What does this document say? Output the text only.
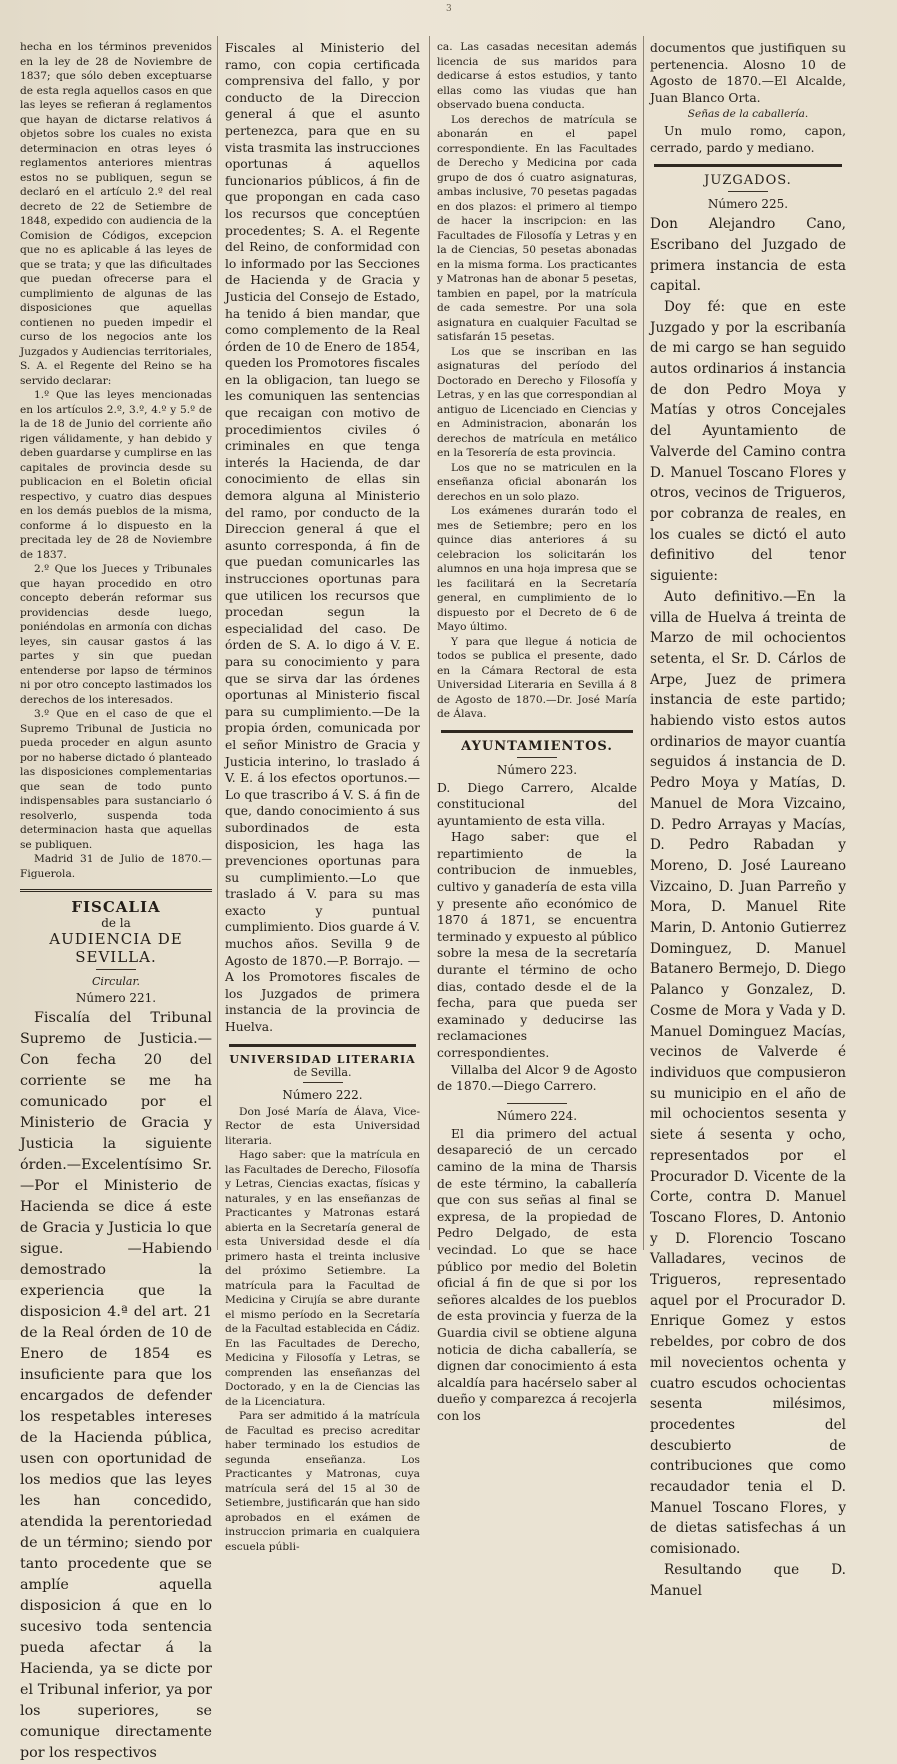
3

hecha en los términos prevenidos en la ley de 28 de Noviembre de 1837; que sólo deben exceptuarse de esta regla aquellos casos en que las leyes se refieran á reglamentos que hayan de dictarse relativos á objetos sobre los cuales no exista determinacion en otras leyes ó reglamentos anteriores mientras estos no se publiquen, segun se declaró en el artículo 2.º del real decreto de 22 de Setiembre de 1848, expedido con audiencia de la Comision de Códigos, excepcion que no es aplicable á las leyes de que se trata; y que las dificultades que puedan ofrecerse para el cumplimiento de algunas de las disposiciones que aquellas contienen no pueden impedir el curso de los negocios ante los Juzgados y Audiencias territoriales, S. A. el Regente del Reino se ha servido declarar:

1.º Que las leyes mencionadas en los artículos 2.º, 3.º, 4.º y 5.º de la de 18 de Junio del corriente año rigen válidamente, y han debido y deben guardarse y cumplirse en las capitales de provincia desde su publicacion en el Boletin oficial respectivo, y cuatro dias despues en los demás pueblos de la misma, conforme á lo dispuesto en la precitada ley de 28 de Noviembre de 1837.

2.º Que los Jueces y Tribunales que hayan procedido en otro concepto deberán reformar sus providencias desde luego, poniéndolas en armonía con dichas leyes, sin causar gastos á las partes y sin que puedan entenderse por lapso de términos ni por otro concepto lastimados los derechos de los interesados.

3.º Que en el caso de que el Supremo Tribunal de Justicia no pueda proceder en algun asunto por no haberse dictado ó planteado las disposiciones complementarias que sean de todo punto indispensables para sustanciarlo ó resolverlo, suspenda toda determinacion hasta que aquellas se publiquen.

Madrid 31 de Julio de 1870.—Figuerola.

FISCALIA
de la
AUDIENCIA DE SEVILLA.
Circular.
Número 221.

Fiscalía del Tribunal Supremo de Justicia.—Con fecha 20 del corriente se me ha comunicado por el Ministerio de Gracia y Justicia la siguiente órden.—Excelentísimo Sr.—Por el Ministerio de Hacienda se dice á este de Gracia y Justicia lo que sigue. —Habiendo demostrado la experiencia que la disposicion 4.ª del art. 21 de la Real órden de 10 de Enero de 1854 es insuficiente para que los encargados de defender los respetables intereses de la Hacienda pública, usen con oportunidad de los medios que las leyes les han concedido, atendida la perentoriedad de un término; siendo por tanto procedente que se amplíe aquella disposicion á que en lo sucesivo toda sentencia pueda afectar á la Hacienda, ya se dicte por el Tribunal inferior, ya por los superiores, se comunique directamente por los respectivos

Fiscales al Ministerio del ramo, con copia certificada comprensiva del fallo, y por conducto de la Direccion general á que el asunto pertenezca, para que en su vista trasmita las instrucciones oportunas á aquellos funcionarios públicos, á fin de que propongan en cada caso los recursos que conceptúen procedentes; S. A. el Regente del Reino, de conformidad con lo informado por las Secciones de Hacienda y de Gracia y Justicia del Consejo de Estado, ha tenido á bien mandar, que como complemento de la Real órden de 10 de Enero de 1854, queden los Promotores fiscales en la obligacion, tan luego se les comuniquen las sentencias que recaigan con motivo de procedimientos civiles ó criminales en que tenga interés la Hacienda, de dar conocimiento de ellas sin demora alguna al Ministerio del ramo, por conducto de la Direccion general á que el asunto corresponda, á fin de que puedan comunicarles las instrucciones oportunas para que utilicen los recursos que procedan segun la especialidad del caso. De órden de S. A. lo digo á V. E. para su conocimiento y para que se sirva dar las órdenes oportunas al Ministerio fiscal para su cumplimiento.—De la propia órden, comunicada por el señor Ministro de Gracia y Justicia interino, lo traslado á V. E. á los efectos oportunos.—Lo que trascribo á V. S. á fin de que, dando conocimiento á sus subordinados de esta disposicion, les haga las prevenciones oportunas para su cumplimiento.—Lo que traslado á V. para su mas exacto y puntual cumplimiento. Dios guarde á V. muchos años. Sevilla 9 de Agosto de 1870.—P. Borrajo. —A los Promotores fiscales de los Juzgados de primera instancia de la provincia de Huelva.

UNIVERSIDAD LITERARIA
de Sevilla.
Número 222.

Don José María de Álava, Vice-Rector de esta Universidad literaria.

Hago saber: que la matrícula en las Facultades de Derecho, Filosofía y Letras, Ciencias exactas, físicas y naturales, y en las enseñanzas de Practicantes y Matronas estará abierta en la Secretaría general de esta Universidad desde el día primero hasta el treinta inclusive del próximo Setiembre. La matrícula para la Facultad de Medicina y Cirujía se abre durante el mismo período en la Secretaría de la Facultad establecida en Cádiz. En las Facultades de Derecho, Medicina y Filosofía y Letras, se comprenden las enseñanzas del Doctorado, y en la de Ciencias las de la Licenciatura.

Para ser admitido á la matrícula de Facultad es preciso acreditar haber terminado los estudios de segunda enseñanza. Los Practicantes y Matronas, cuya matrícula será del 15 al 30 de Setiembre, justificarán que han sido aprobados en el exámen de instruccion primaria en cualquiera escuela públi-

ca. Las casadas necesitan además licencia de sus maridos para dedicarse á estos estudios, y tanto ellas como las viudas que han observado buena conducta.

Los derechos de matrícula se abonarán en el papel correspondiente. En las Facultades de Derecho y Medicina por cada grupo de dos ó cuatro asignaturas, ambas inclusive, 70 pesetas pagadas en dos plazos: el primero al tiempo de hacer la inscripcion: en las Facultades de Filosofía y Letras y en la de Ciencias, 50 pesetas abonadas en la misma forma. Los practicantes y Matronas han de abonar 5 pesetas, tambien en papel, por la matrícula de cada semestre. Por una sola asignatura en cualquier Facultad se satisfarán 15 pesetas.

Los que se inscriban en las asignaturas del período del Doctorado en Derecho y Filosofía y Letras, y en las que correspondian al antiguo de Licenciado en Ciencias y en Administracion, abonarán los derechos de matrícula en metálico en la Tesorería de esta provincia.

Los que no se matriculen en la enseñanza oficial abonarán los derechos en un solo plazo.

Los exámenes durarán todo el mes de Setiembre; pero en los quince dias anteriores á su celebracion los solicitarán los alumnos en una hoja impresa que se les facilitará en la Secretaría general, en cumplimiento de lo dispuesto por el Decreto de 6 de Mayo último.

Y para que llegue á noticia de todos se publica el presente, dado en la Cámara Rectoral de esta Universidad Literaria en Sevilla á 8 de Agosto de 1870.—Dr. José María de Álava.

AYUNTAMIENTOS.
Número 223.

D. Diego Carrero, Alcalde constitucional del ayuntamiento de esta villa.

Hago saber: que el repartimiento de la contribucion de inmuebles, cultivo y ganadería de esta villa y presente año económico de 1870 á 1871, se encuentra terminado y expuesto al público sobre la mesa de la secretaría durante el término de ocho dias, contado desde el de la fecha, para que pueda ser examinado y deducirse las reclamaciones correspondientes.

Villalba del Alcor 9 de Agosto de 1870.—Diego Carrero.

Número 224.

El dia primero del actual desapareció de un cercado camino de la mina de Tharsis de este término, la caballería que con sus señas al final se expresa, de la propiedad de Pedro Delgado, de esta vecindad. Lo que se hace público por medio del Boletin oficial á fin de que si por los señores alcaldes de los pueblos de esta provincia y fuerza de la Guardia civil se obtiene alguna noticia de dicha caballería, se dignen dar conocimiento á esta alcaldía para hacérselo saber al dueño y comparezca á recojerla con los

documentos que justifiquen su pertenencia. Alosno 10 de Agosto de 1870.—El Alcalde, Juan Blanco Orta.

Señas de la caballería.

Un mulo romo, capon, cerrado, pardo y mediano.

JUZGADOS.
Número 225.

Don Alejandro Cano, Escribano del Juzgado de primera instancia de esta capital.

Doy fé: que en este Juzgado y por la escribanía de mi cargo se han seguido autos ordinarios á instancia de don Pedro Moya y Matías y otros Concejales del Ayuntamiento de Valverde del Camino contra D. Manuel Toscano Flores y otros, vecinos de Trigueros, por cobranza de reales, en los cuales se dictó el auto definitivo del tenor siguiente:

Auto definitivo.—En la villa de Huelva á treinta de Marzo de mil ochocientos setenta, el Sr. D. Cárlos de Arpe, Juez de primera instancia de este partido; habiendo visto estos autos ordinarios de mayor cuantía seguidos á instancia de D. Pedro Moya y Matías, D. Manuel de Mora Vizcaino, D. Pedro Arrayas y Macías, D. Pedro Rabadan y Moreno, D. José Laureano Vizcaino, D. Juan Parreño y Mora, D. Manuel Rite Marin, D. Antonio Gutierrez Dominguez, D. Manuel Batanero Bermejo, D. Diego Palanco y Gonzalez, D. Cosme de Mora y Vada y D. Manuel Dominguez Macías, vecinos de Valverde é individuos que compusieron su municipio en el año de mil ochocientos sesenta y siete á sesenta y ocho, representados por el Procurador D. Vicente de la Corte, contra D. Manuel Toscano Flores, D. Antonio y D. Florencio Toscano Valladares, vecinos de Trigueros, representado aquel por el Procurador D. Enrique Gomez y estos rebeldes, por cobro de dos mil novecientos ochenta y cuatro escudos ochocientas sesenta milésimos, procedentes del descubierto de contribuciones que como recaudador tenia el D. Manuel Toscano Flores, y de dietas satisfechas á un comisionado.

Resultando que D. Manuel
